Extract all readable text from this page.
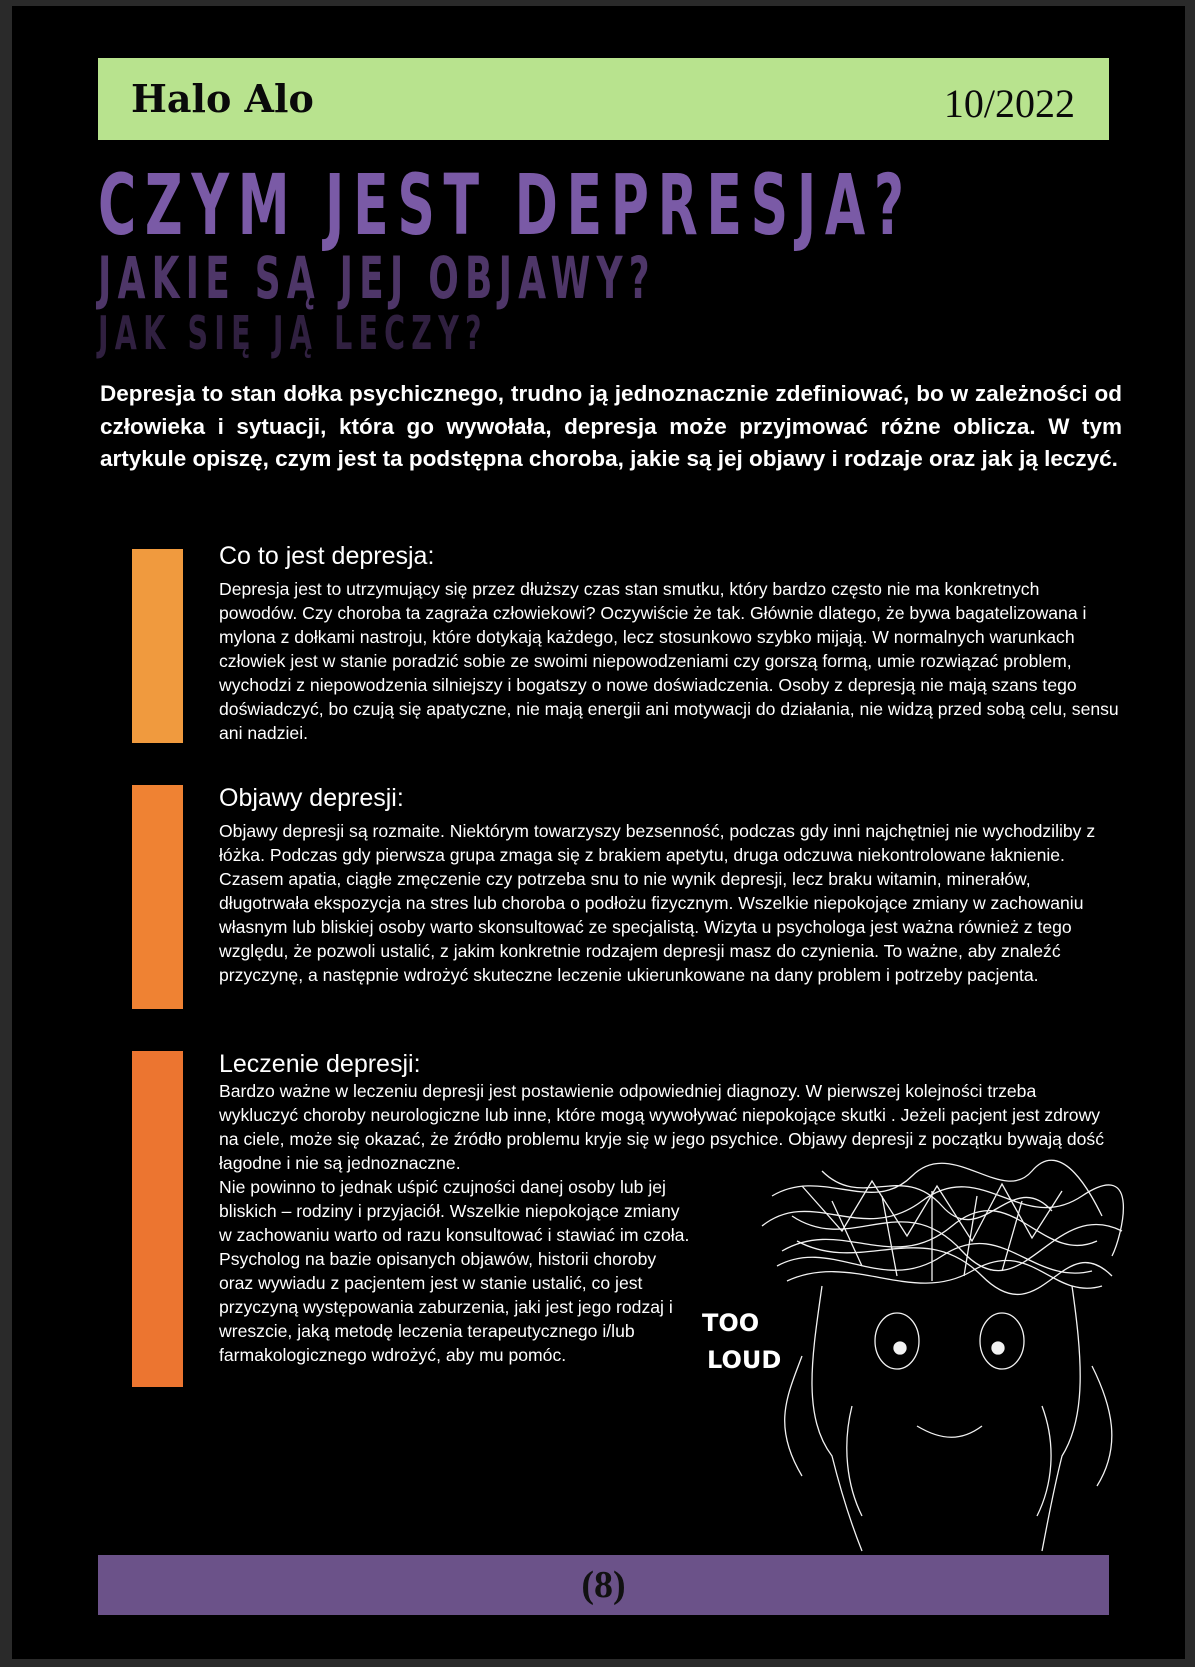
Halo Alo	10/2022
CZYM JEST DEPRESJA?
JAKIE SĄ JEJ OBJAWY?
JAK SIĘ JĄ LECZY?

Depresja to stan dołka psychicznego, trudno ją jednoznacznie zdefiniować, bo w zależności od człowieka i sytuacji, która go wywołała, depresja może przyjmować różne oblicza. W tym artykule opiszę, czym jest ta podstępna choroba, jakie są jej objawy i rodzaje oraz jak ją leczyć.

Co to jest depresja:

Depresja jest to utrzymujący się przez dłuższy czas stan smutku, który bardzo często nie ma konkretnych powodów. Czy choroba ta zagraża człowiekowi? Oczywiście że tak. Głównie dlatego, że bywa bagatelizowana i mylona z dołkami nastroju, które dotykają każdego, lecz stosunkowo szybko mijają. W normalnych warunkach człowiek jest w stanie poradzić sobie ze swoimi niepowodzeniami czy gorszą formą, umie rozwiązać problem, wychodzi z niepowodzenia silniejszy i bogatszy o nowe doświadczenia. Osoby z depresją nie mają szans tego doświadczyć, bo czują się apatyczne, nie mają energii ani motywacji do działania, nie widzą przed sobą celu, sensu ani nadziei.

Objawy depresji:

Objawy depresji są rozmaite. Niektórym towarzyszy bezsenność, podczas gdy inni najchętniej nie wychodziliby z łóżka. Podczas gdy pierwsza grupa zmaga się z brakiem apetytu, druga odczuwa niekontrolowane łaknienie. Czasem apatia, ciągłe zmęczenie czy potrzeba snu to nie wynik depresji, lecz braku witamin, minerałów, długotrwała ekspozycja na stres lub choroba o podłożu fizycznym. Wszelkie niepokojące zmiany w zachowaniu własnym lub bliskiej osoby warto skonsultować ze specjalistą. Wizyta u psychologa jest ważna również z tego względu, że pozwoli ustalić, z jakim konkretnie rodzajem depresji masz do czynienia. To ważne, aby znaleźć przyczynę, a następnie wdrożyć skuteczne leczenie ukierunkowane na dany problem i potrzeby pacjenta.

Leczenie depresji:

Bardzo ważne w leczeniu depresji jest postawienie odpowiedniej diagnozy. W pierwszej kolejności trzeba wykluczyć choroby neurologiczne lub inne, które mogą wywoływać niepokojące skutki . Jeżeli pacjent jest zdrowy na ciele, może się okazać, że źródło problemu kryje się w jego psychice. Objawy depresji z początku bywają dość łagodne i nie są jednoznaczne.

Nie powinno to jednak uśpić czujności danej osoby lub jej bliskich – rodziny i przyjaciół. Wszelkie niepokojące zmiany w zachowaniu warto od razu konsultować i stawiać im czoła. Psycholog na bazie opisanych objawów, historii choroby oraz wywiadu z pacjentem jest w stanie ustalić, co jest przyczyną występowania zaburzenia, jaki jest jego rodzaj i wreszcie, jaką metodę leczenia terapeutycznego i/lub farmakologicznego wdrożyć, aby mu pomóc.

TOO
LOUD
(8)
